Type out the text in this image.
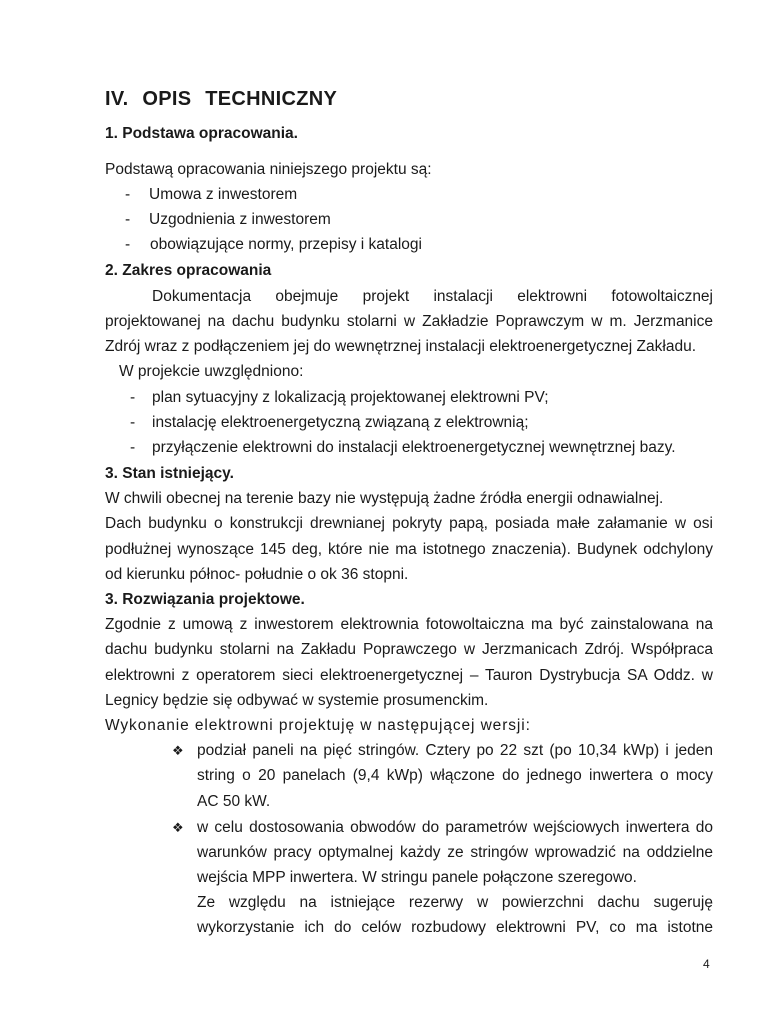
IV. OPIS TECHNICZNY
1. Podstawa opracowania.
Podstawą opracowania niniejszego projektu są:
- Umowa z inwestorem
- Uzgodnienia z inwestorem
- obowiązujące normy, przepisy i katalogi
2. Zakres opracowania
Dokumentacja obejmuje projekt instalacji elektrowni fotowoltaicznej
projektowanej na dachu budynku stolarni w Zakładzie Poprawczym w m. Jerzmanice
Zdrój wraz z podłączeniem jej do wewnętrznej instalacji elektroenergetycznej Zakładu.
W projekcie uwzględniono:
- plan sytuacyjny z lokalizacją projektowanej elektrowni PV;
- instalację elektroenergetyczną związaną z elektrownią;
- przyłączenie elektrowni do instalacji elektroenergetycznej wewnętrznej bazy.
3. Stan istniejący.
W chwili obecnej na terenie bazy nie występują żadne źródła energii odnawialnej.
Dach budynku o konstrukcji drewnianej pokryty papą, posiada małe załamanie w osi
podłużnej wynoszące 145 deg, które nie ma istotnego znaczenia). Budynek odchylony
od kierunku północ- południe o ok 36 stopni.
3. Rozwiązania projektowe.
Zgodnie z umową z inwestorem elektrownia fotowoltaiczna ma być zainstalowana na
dachu budynku stolarni na Zakładu Poprawczego w Jerzmanicach Zdrój. Współpraca
elektrowni z operatorem sieci elektroenergetycznej – Tauron Dystrybucja SA Oddz. w
Legnicy będzie się odbywać w systemie prosumenckim.
Wykonanie elektrowni projektuję w następującej wersji:
❖ podział paneli na pięć stringów. Cztery po 22 szt (po 10,34 kWp) i jeden
string o 20 panelach (9,4 kWp) włączone do jednego inwertera o mocy
AC 50 kW.
❖ w celu dostosowania obwodów do parametrów wejściowych inwertera do
warunków pracy optymalnej każdy ze stringów wprowadzić na oddzielne
wejścia MPP inwertera. W stringu panele połączone szeregowo.
Ze względu na istniejące rezerwy w powierzchni dachu sugeruję
wykorzystanie ich do celów rozbudowy elektrowni PV, co ma istotne
4
